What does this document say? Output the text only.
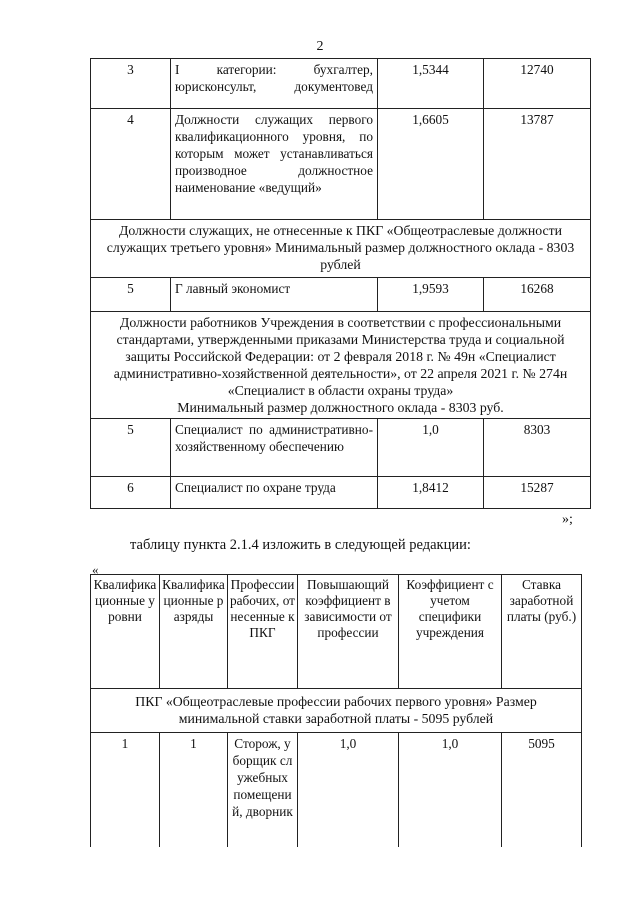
2
3	I категории: бухгалтер, юрисконсульт, документовед	1,5344	12740
4	Должности служащих первого квалификационного уровня, по которым может устанавливаться производное должностное наименование «ведущий»	1,6605	13787
Должности служащих, не отнесенные к ПКГ «Общеотраслевые должности служащих третьего уровня» Минимальный размер должностного оклада - 8303 рублей			
5	Г лавный экономист	1,9593	16268

Должности работников Учреждения в соответствии с профессиональными стандартами, утвержденными приказами Министерства труда и социальной защиты Российской Федерации: от 2 февраля 2018 г. № 49н «Специалист административно-хозяйственной деятельности», от 22 апреля 2021 г. № 274н «Специалист в области охраны труда»
Минимальный размер должностного оклада - 8303 руб.			

5	Специалист по административно-хозяйственному обеспечению	1,0	8303
6	Специалист по охране труда	1,8412	15287
»;
таблицу пункта 2.1.4 изложить в следующей редакции:
«
Квалификационные уровни	Квалификационные разряды	Профессии рабочих, отнесенные к ПКГ	Повышающий коэффициент в зависимости от профессии	Коэффициент с учетом специфики учреждения	Ставка заработной платы (руб.)
ПКГ «Общеотраслевые профессии рабочих первого уровня» Размер минимальной ставки заработной платы - 5095 рублей					
1	1	Сторож, уборщик служебных помещений, дворник	1,0	1,0	5095
